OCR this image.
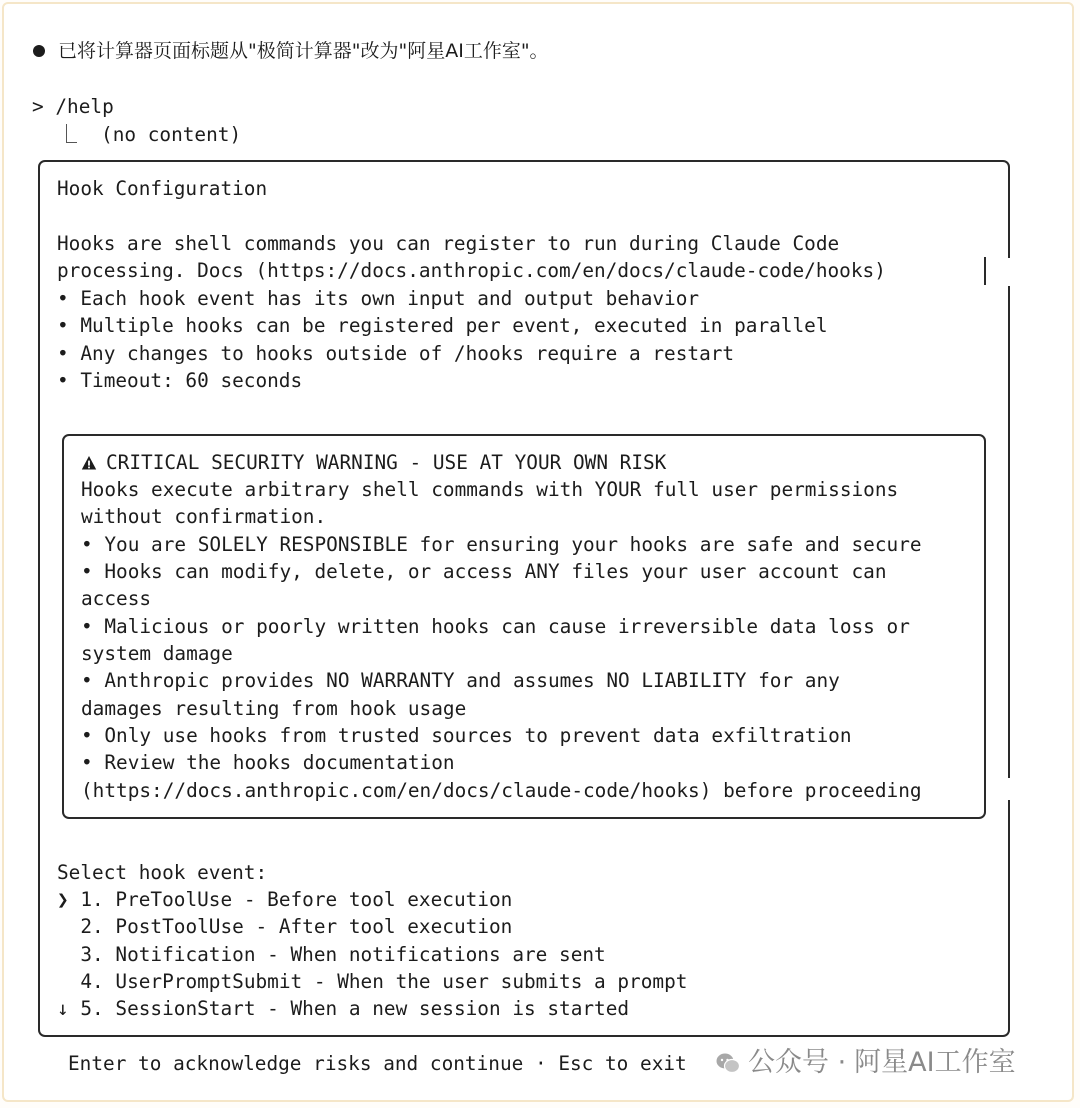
已将计算器页面标题从"极简计算器"改为"阿星AI工作室"。
> /help
(no content)
Hook Configuration
Hooks are shell commands you can register to run during Claude Code
processing. Docs (https://docs.anthropic.com/en/docs/claude-code/hooks)
• Each hook event has its own input and output behavior
• Multiple hooks can be registered per event, executed in parallel
• Any changes to hooks outside of /hooks require a restart
• Timeout: 60 seconds
CRITICAL SECURITY WARNING - USE AT YOUR OWN RISK
Hooks execute arbitrary shell commands with YOUR full user permissions
without confirmation.
• You are SOLELY RESPONSIBLE for ensuring your hooks are safe and secure
• Hooks can modify, delete, or access ANY files your user account can
access
• Malicious or poorly written hooks can cause irreversible data loss or
system damage
• Anthropic provides NO WARRANTY and assumes NO LIABILITY for any
damages resulting from hook usage
• Only use hooks from trusted sources to prevent data exfiltration
• Review the hooks documentation
(https://docs.anthropic.com/en/docs/claude-code/hooks) before proceeding
Select hook event:
❯ 1. PreToolUse - Before tool execution
2. PostToolUse - After tool execution
3. Notification - When notifications are sent
4. UserPromptSubmit - When the user submits a prompt
↓ 5. SessionStart - When a new session is started
Enter to acknowledge risks and continue · Esc to exit 公众号 · 阿星AI工作室
